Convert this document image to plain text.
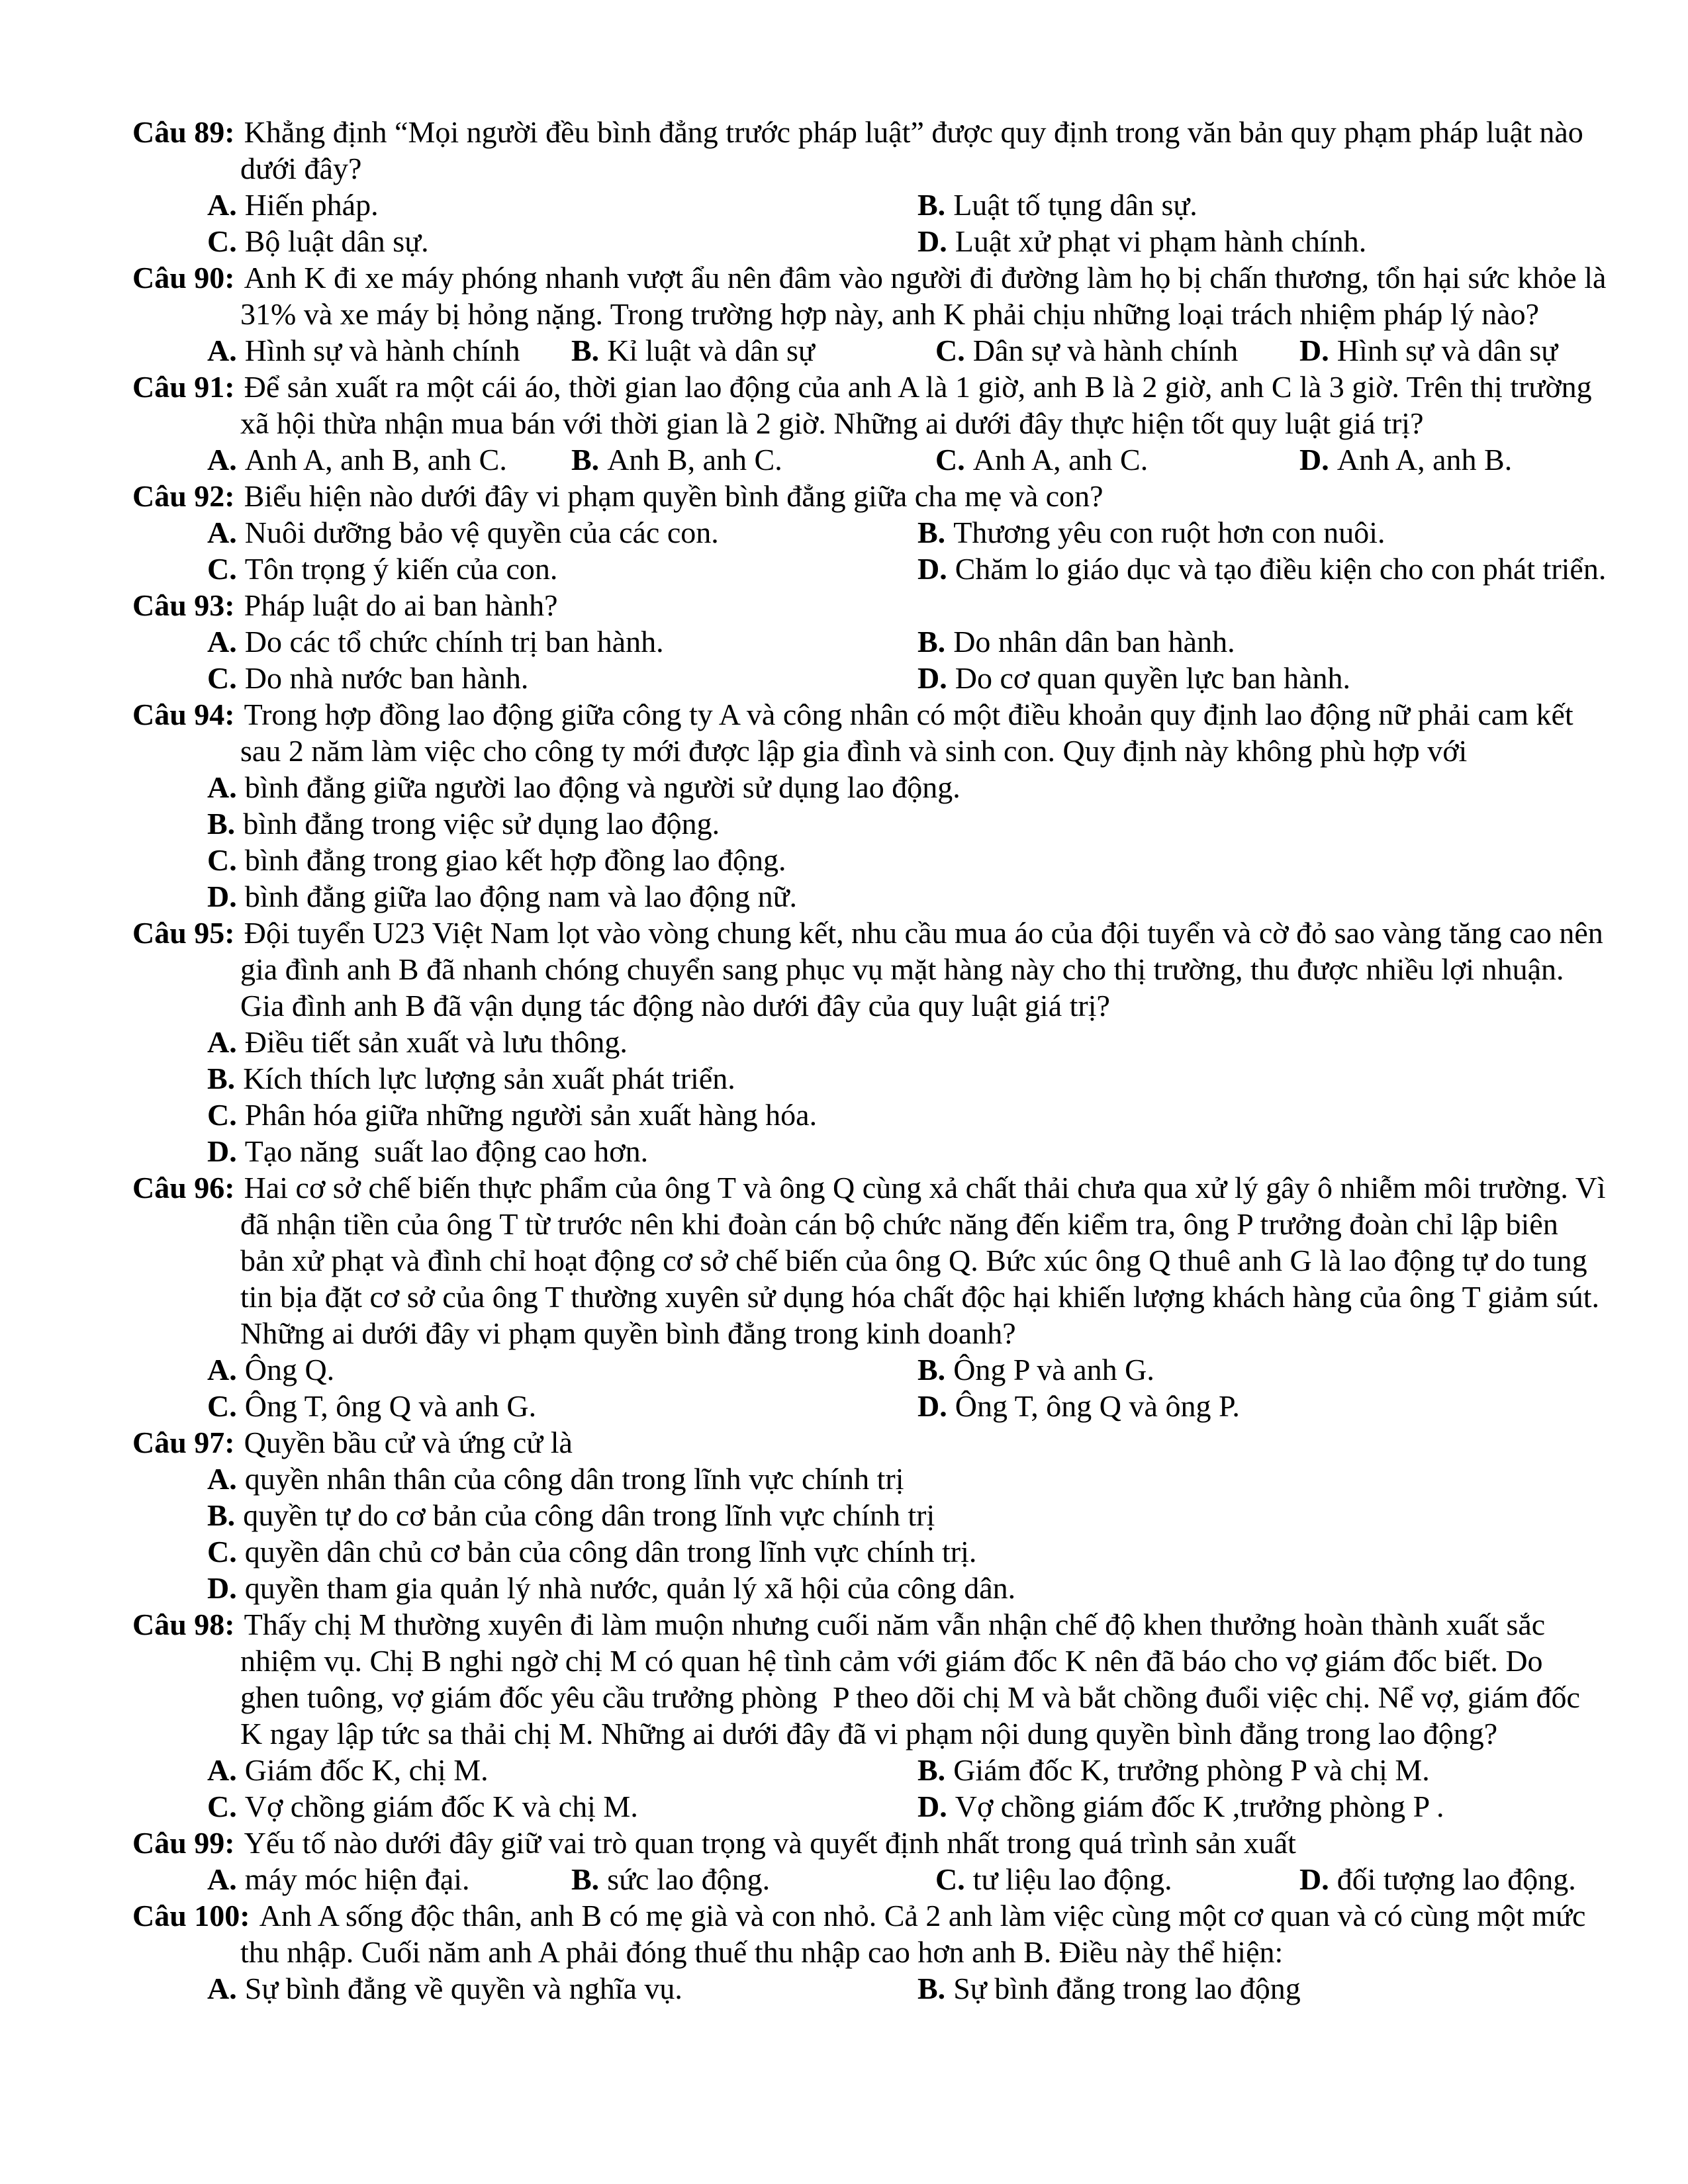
Câu 89: Khẳng định “Mọi người đều bình đẳng trước pháp luật” được quy định trong văn bản quy phạm pháp luật nào
dưới đây?
A. Hiến pháp.	B. Luật tố tụng dân sự.
C. Bộ luật dân sự.	D. Luật xử phạt vi phạm hành chính.
Câu 90: Anh K đi xe máy phóng nhanh vượt ẩu nên đâm vào người đi đường làm họ bị chấn thương, tổn hại sức khỏe là
31% và xe máy bị hỏng nặng. Trong trường hợp này, anh K phải chịu những loại trách nhiệm pháp lý nào?
A. Hình sự và hành chính	B. Kỉ luật và dân sự	C. Dân sự và hành chính	D. Hình sự và dân sự
Câu 91: Để sản xuất ra một cái áo, thời gian lao động của anh A là 1 giờ, anh B là 2 giờ, anh C là 3 giờ. Trên thị trường
xã hội thừa nhận mua bán với thời gian là 2 giờ. Những ai dưới đây thực hiện tốt quy luật giá trị?
A. Anh A, anh B, anh C.	B. Anh B, anh C.	C. Anh A, anh C.	D. Anh A, anh B.
Câu 92: Biểu hiện nào dưới đây vi phạm quyền bình đẳng giữa cha mẹ và con?
A. Nuôi dưỡng bảo vệ quyền của các con.	B. Thương yêu con ruột hơn con nuôi.
C. Tôn trọng ý kiến của con.	D. Chăm lo giáo dục và tạo điều kiện cho con phát triển.
Câu 93: Pháp luật do ai ban hành?
A. Do các tổ chức chính trị ban hành.	B. Do nhân dân ban hành.
C. Do nhà nước ban hành.	D. Do cơ quan quyền lực ban hành.
Câu 94: Trong hợp đồng lao động giữa công ty A và công nhân có một điều khoản quy định lao động nữ phải cam kết
sau 2 năm làm việc cho công ty mới được lập gia đình và sinh con. Quy định này không phù hợp với
A. bình đẳng giữa người lao động và người sử dụng lao động.
B. bình đẳng trong việc sử dụng lao động.
C. bình đẳng trong giao kết hợp đồng lao động.
D. bình đẳng giữa lao động nam và lao động nữ.
Câu 95: Đội tuyển U23 Việt Nam lọt vào vòng chung kết, nhu cầu mua áo của đội tuyển và cờ đỏ sao vàng tăng cao nên
gia đình anh B đã nhanh chóng chuyển sang phục vụ mặt hàng này cho thị trường, thu được nhiều lợi nhuận.
Gia đình anh B đã vận dụng tác động nào dưới đây của quy luật giá trị?
A. Điều tiết sản xuất và lưu thông.
B. Kích thích lực lượng sản xuất phát triển.
C. Phân hóa giữa những người sản xuất hàng hóa.
D. Tạo năng  suất lao động cao hơn.
Câu 96: Hai cơ sở chế biến thực phẩm của ông T và ông Q cùng xả chất thải chưa qua xử lý gây ô nhiễm môi trường. Vì
đã nhận tiền của ông T từ trước nên khi đoàn cán bộ chức năng đến kiểm tra, ông P trưởng đoàn chỉ lập biên
bản xử phạt và đình chỉ hoạt động cơ sở chế biến của ông Q. Bức xúc ông Q thuê anh G là lao động tự do tung
tin bịa đặt cơ sở của ông T thường xuyên sử dụng hóa chất độc hại khiến lượng khách hàng của ông T giảm sút.
Những ai dưới đây vi phạm quyền bình đẳng trong kinh doanh?
A. Ông Q.	B. Ông P và anh G.
C. Ông T, ông Q và anh G.	D. Ông T, ông Q và ông P.
Câu 97: Quyền bầu cử và ứng cử là
A. quyền nhân thân của công dân trong lĩnh vực chính trị
B. quyền tự do cơ bản của công dân trong lĩnh vực chính trị
C. quyền dân chủ cơ bản của công dân trong lĩnh vực chính trị.
D. quyền tham gia quản lý nhà nước, quản lý xã hội của công dân.
Câu 98: Thấy chị M thường xuyên đi làm muộn nhưng cuối năm vẫn nhận chế độ khen thưởng hoàn thành xuất sắc
nhiệm vụ. Chị B nghi ngờ chị M có quan hệ tình cảm với giám đốc K nên đã báo cho vợ giám đốc biết. Do
ghen tuông, vợ giám đốc yêu cầu trưởng phòng  P theo dõi chị M và bắt chồng đuổi việc chị. Nể vợ, giám đốc
K ngay lập tức sa thải chị M. Những ai dưới đây đã vi phạm nội dung quyền bình đẳng trong lao động?
A. Giám đốc K, chị M.	B. Giám đốc K, trưởng phòng P và chị M.
C. Vợ chồng giám đốc K và chị M.	D. Vợ chồng giám đốc K ,trưởng phòng P .
Câu 99: Yếu tố nào dưới đây giữ vai trò quan trọng và quyết định nhất trong quá trình sản xuất
A. máy móc hiện đại.	B. sức lao động.	C. tư liệu lao động.	D. đối tượng lao động.
Câu 100: Anh A sống độc thân, anh B có mẹ già và con nhỏ. Cả 2 anh làm việc cùng một cơ quan và có cùng một mức
thu nhập. Cuối năm anh A phải đóng thuế thu nhập cao hơn anh B. Điều này thể hiện:
A. Sự bình đẳng về quyền và nghĩa vụ.	B. Sự bình đẳng trong lao động
